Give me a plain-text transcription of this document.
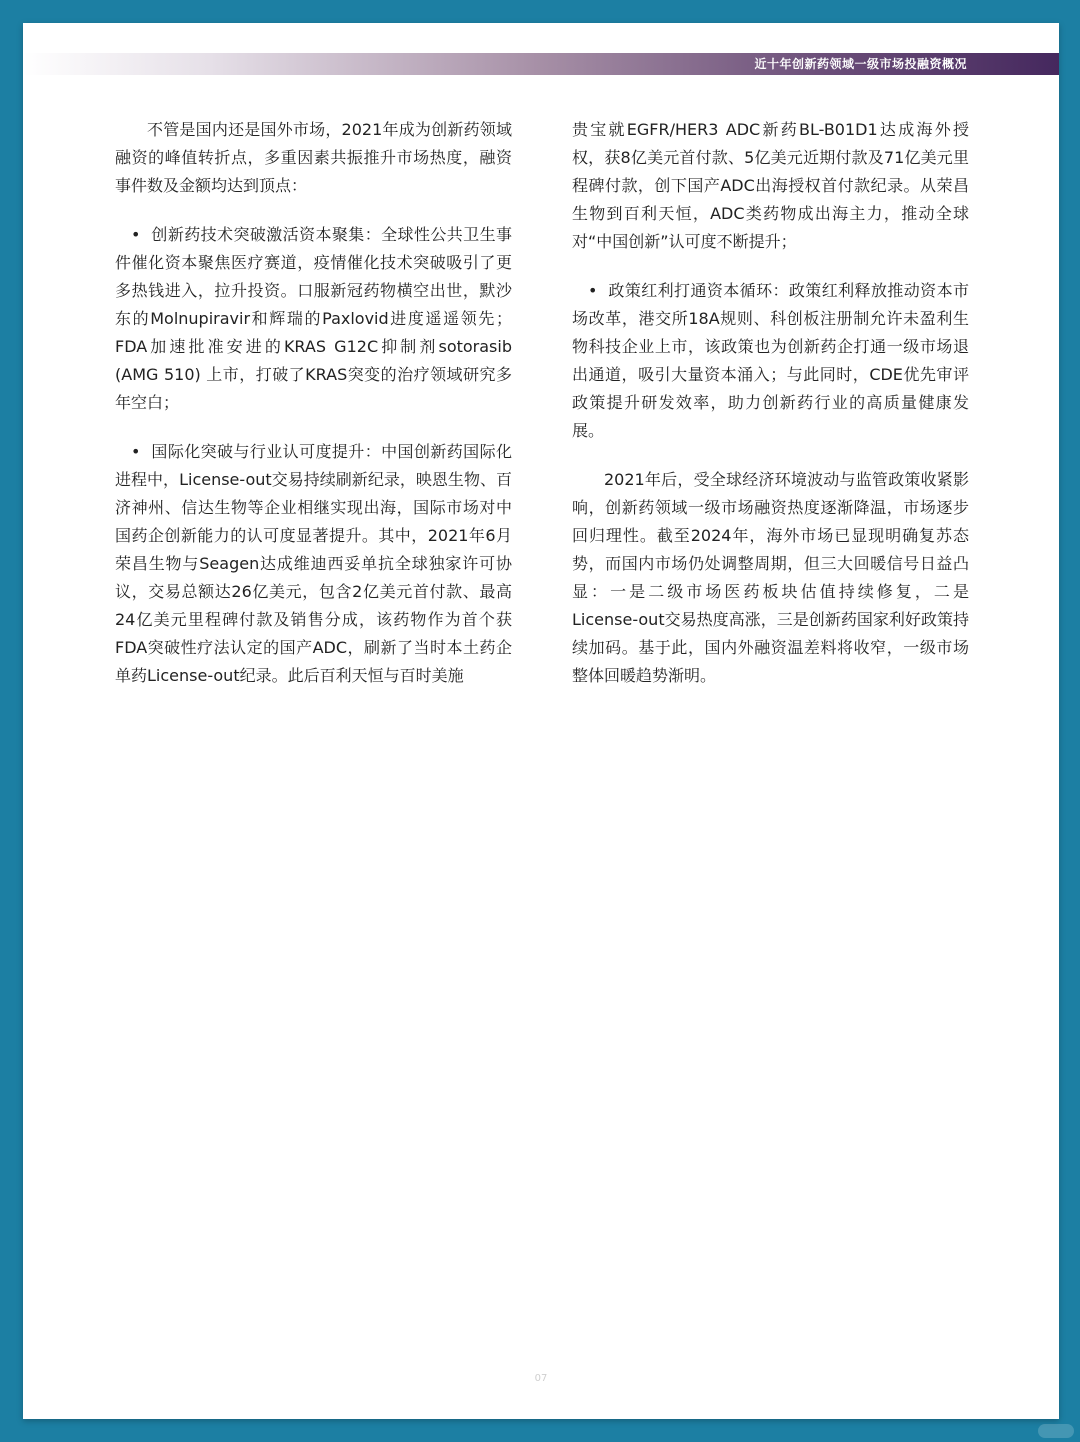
近十年创新药领域一级市场投融资概况

不管是国内还是国外市场，2021年成为创新药领域融资的峰值转折点，多重因素共振推升市场热度，融资事件数及金额均达到顶点：

• 创新药技术突破激活资本聚集：全球性公共卫生事件催化资本聚焦医疗赛道，疫情催化技术突破吸引了更多热钱进入，拉升投资。口服新冠药物横空出世，默沙东的Molnupiravir和辉瑞的Paxlovid进度遥遥领先；FDA加速批准安进的KRAS G12C抑制剂sotorasib (AMG 510) 上市，打破了KRAS突变的治疗领域研究多年空白；

• 国际化突破与行业认可度提升：中国创新药国际化进程中，License-out交易持续刷新纪录，映恩生物、百济神州、信达生物等企业相继实现出海，国际市场对中国药企创新能力的认可度显著提升。其中，2021年6月荣昌生物与Seagen达成维迪西妥单抗全球独家许可协议，交易总额达26亿美元，包含2亿美元首付款、最高24亿美元里程碑付款及销售分成，该药物作为首个获FDA突破性疗法认定的国产ADC，刷新了当时本土药企单药License-out纪录。此后百利天恒与百时美施

贵宝就EGFR/HER3 ADC新药BL-B01D1达成海外授权，获8亿美元首付款、5亿美元近期付款及71亿美元里程碑付款，创下国产ADC出海授权首付款纪录。从荣昌生物到百利天恒，ADC类药物成出海主力，推动全球对“中国创新”认可度不断提升；

• 政策红利打通资本循环：政策红利释放推动资本市场改革，港交所18A规则、科创板注册制允许未盈利生物科技企业上市，该政策也为创新药企打通一级市场退出通道，吸引大量资本涌入；与此同时，CDE优先审评政策提升研发效率，助力创新药行业的高质量健康发展。

2021年后，受全球经济环境波动与监管政策收紧影响，创新药领域一级市场融资热度逐渐降温，市场逐步回归理性。截至2024年，海外市场已显现明确复苏态势，而国内市场仍处调整周期，但三大回暖信号日益凸显：一是二级市场医药板块估值持续修复，二是License-out交易热度高涨，三是创新药国家利好政策持续加码。基于此，国内外融资温差料将收窄，一级市场整体回暖趋势渐明。

07
